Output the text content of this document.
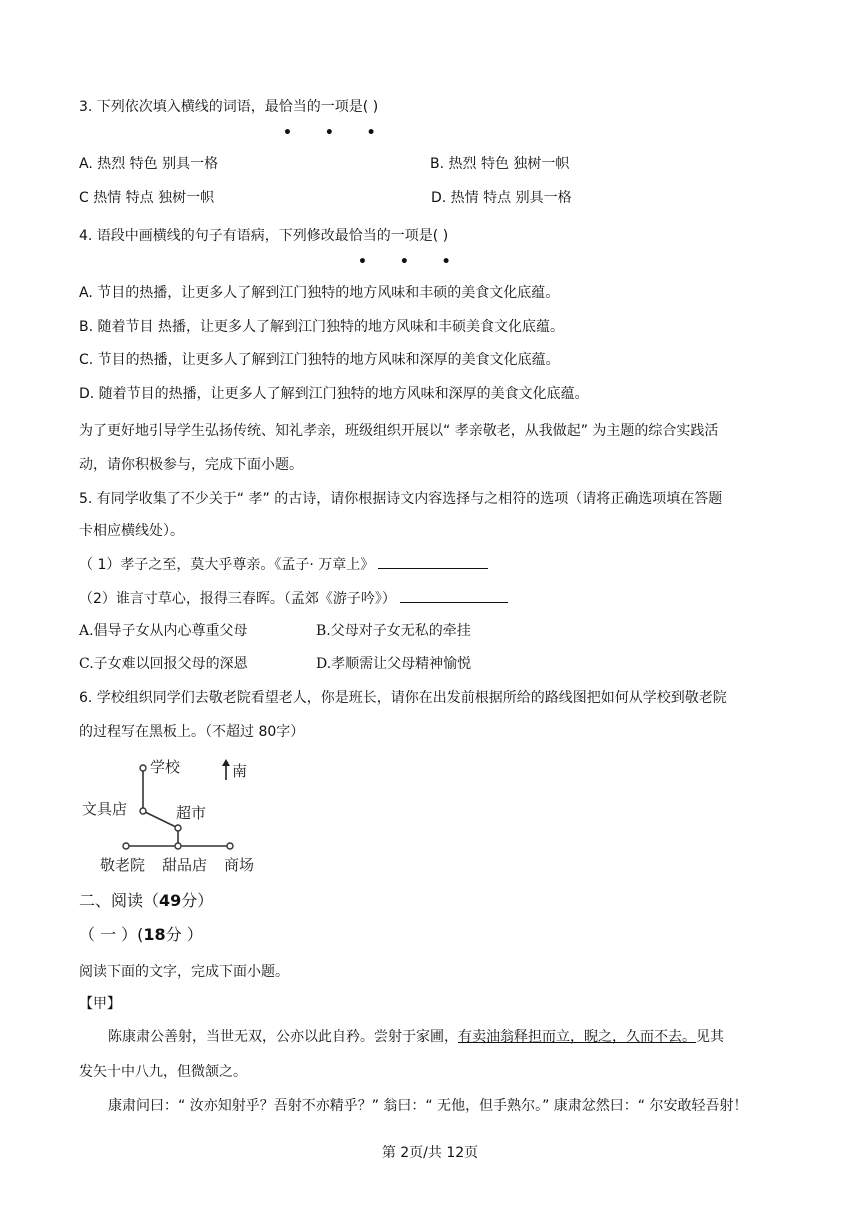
3. 下列依次填入横线的词语，最恰当的一项是( )
• • •
A. 热烈 特色 别具一格	B. 热烈 特色 独树一帜
C 热情 特点 独树一帜	D. 热情 特点 别具一格
4. 语段中画横线的句子有语病，下列修改最恰当的一项是( )
• • •
A. 节目的热播，让更多人了解到江门独特的地方风味和丰硕的美食文化底蕴。
B. 随着节目 热播，让更多人了解到江门独特的地方风味和丰硕美食文化底蕴。
C. 节目的热播，让更多人了解到江门独特的地方风味和深厚的美食文化底蕴。
D. 随着节目的热播，让更多人了解到江门独特的地方风味和深厚的美食文化底蕴。
为了更好地引导学生弘扬传统、知礼孝亲，班级组织开展以“ 孝亲敬老，从我做起” 为主题的综合实践活
动，请你积极参与，完成下面小题。
5. 有同学收集了不少关于“ 孝” 的古诗，请你根据诗文内容选择与之相符的选项（请将正确选项填在答题
卡相应横线处）。
（ 1）孝子之至，莫大乎尊亲。《孟子· 万章上》
（2）谁言寸草心，报得三春晖。（孟郊《游子吟》）
A.倡导子女从内心尊重父母	B.父母对子女无私的牵挂
C.子女难以回报父母的深恩	D.孝顺需让父母精神愉悦
6. 学校组织同学们去敬老院看望老人，你是班长，请你在出发前根据所给的路线图把如何从学校到敬老院
的过程写在黑板上。（不超过 80字）
学校
文具店	超市
敬老院 甜品店 商场
南
二、阅读（49分）
（ 一 ）(18分 ）
阅读下面的文字，完成下面小题。
【甲】
陈康肃公善射，当世无双，公亦以此自矜。尝射于家圃，有卖油翁释担而立，睨之，久而不去。见其
发矢十中八九，但微颔之。
康肃问曰：“ 汝亦知射乎？吾射不亦精乎？” 翁曰：“ 无他，但手熟尔。” 康肃忿然曰：“ 尔安敢轻吾射！
第 2页/共 12页
